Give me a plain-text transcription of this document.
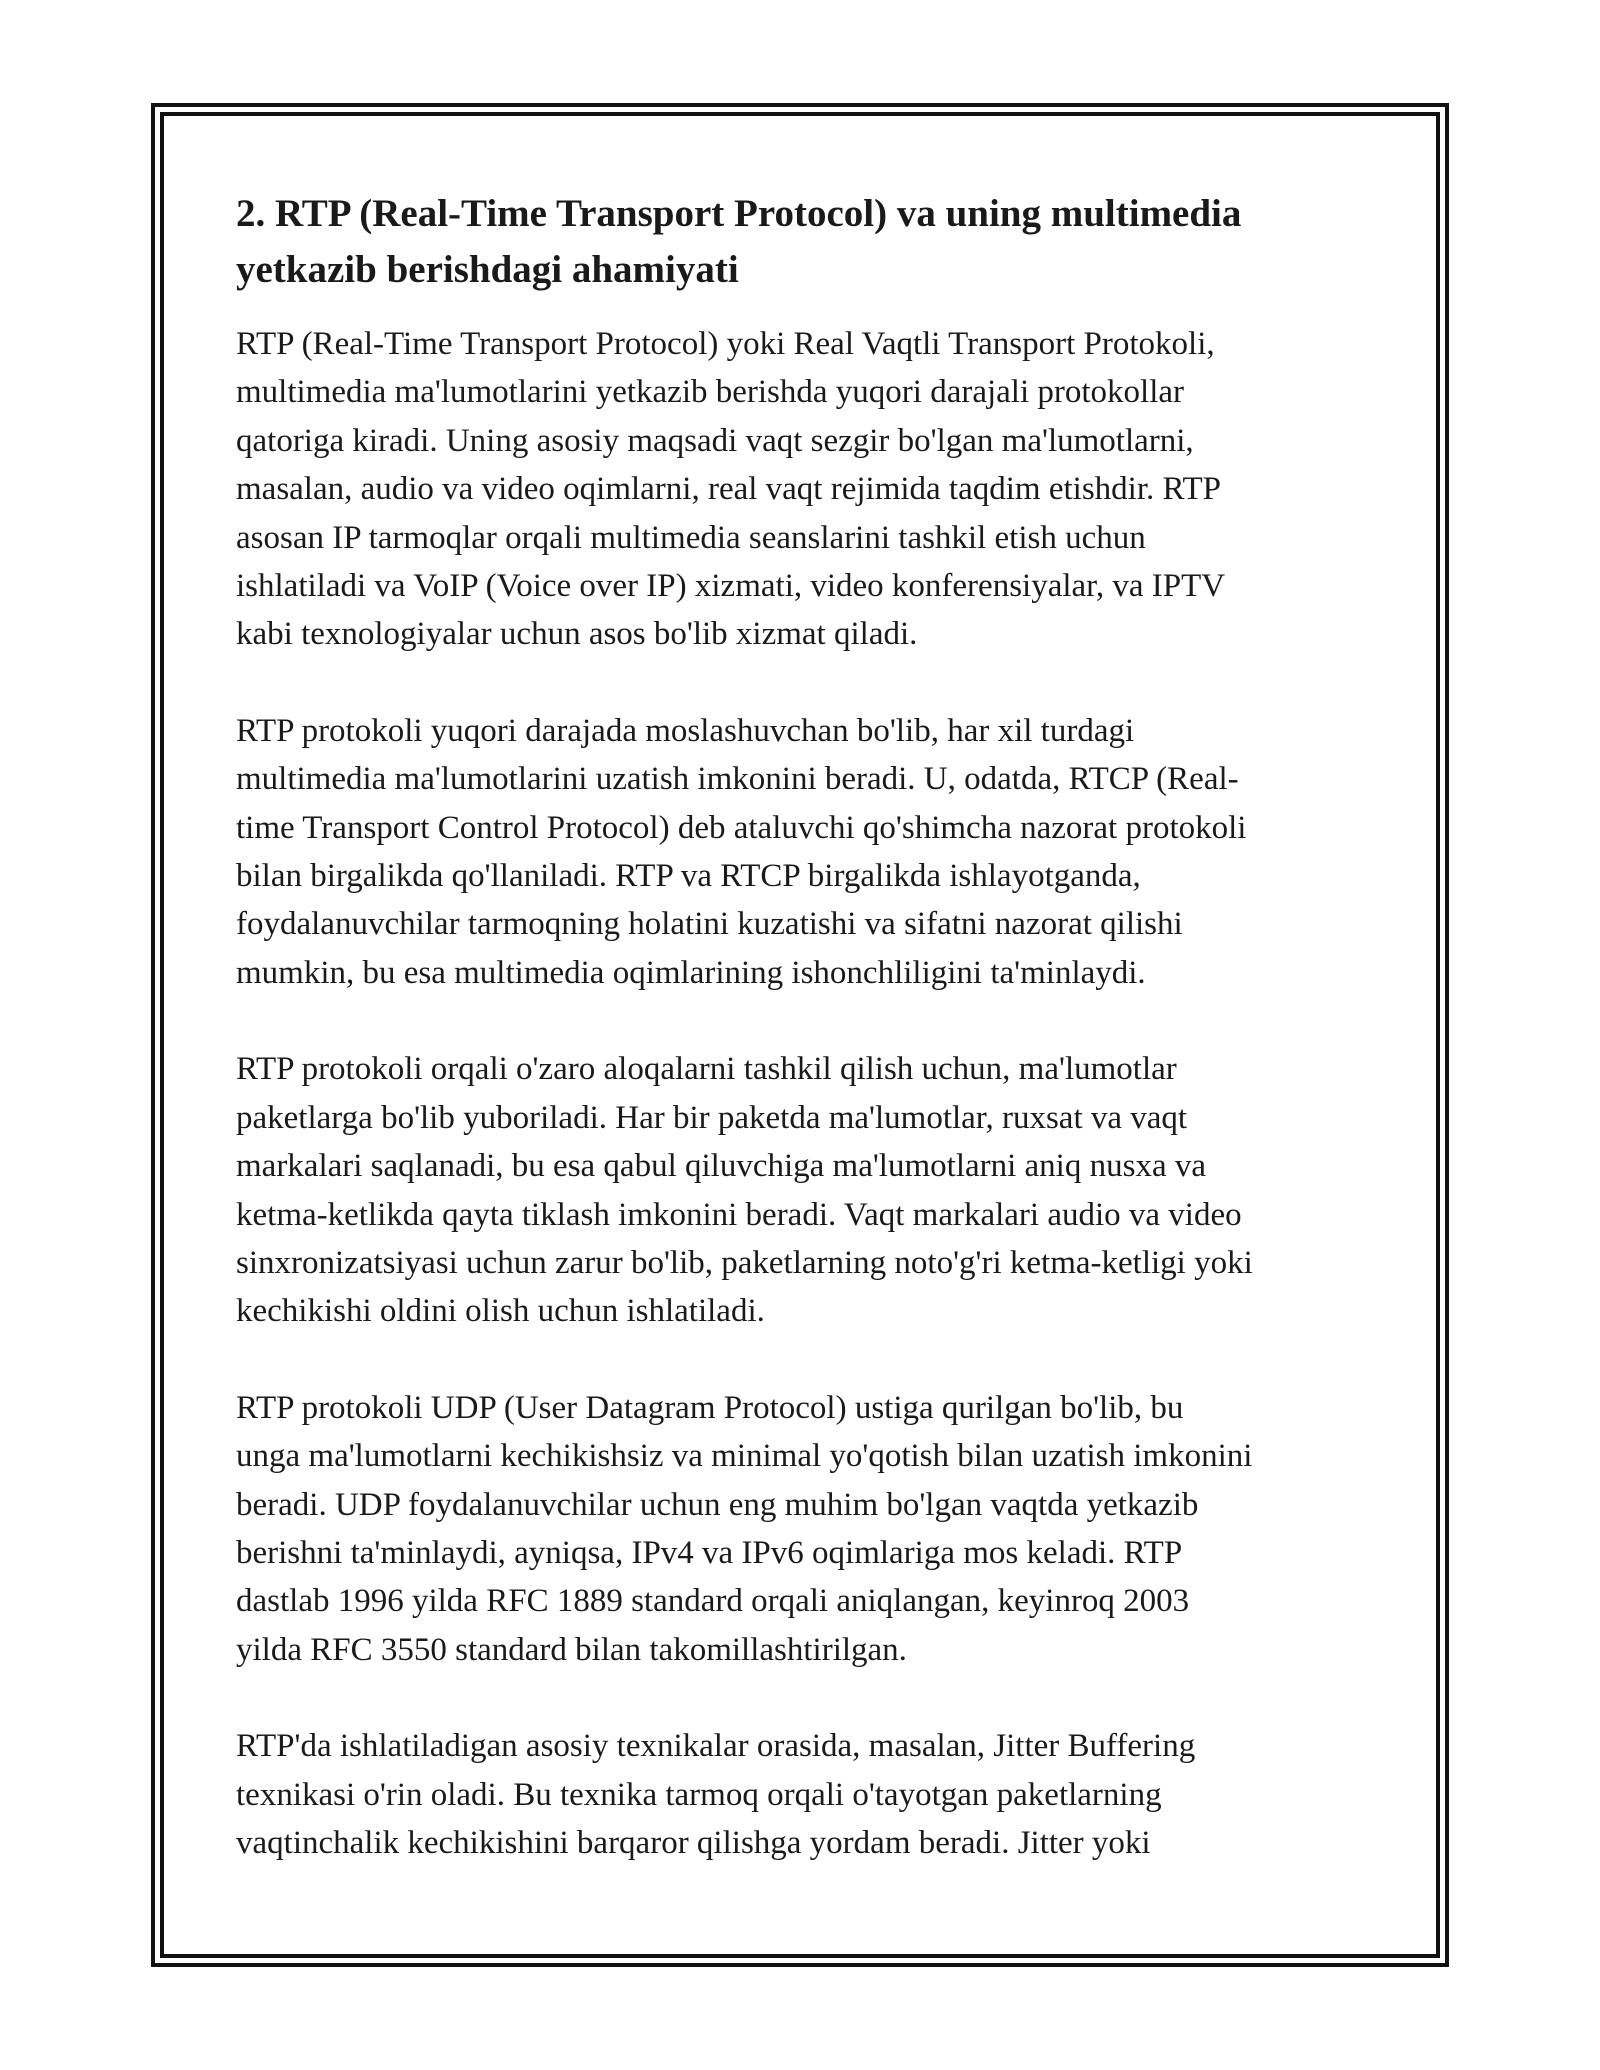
2. RTP (Real-Time Transport Protocol) va uning multimedia
yetkazib berishdagi ahamiyati

RTP (Real-Time Transport Protocol) yoki Real Vaqtli Transport Protokoli,
multimedia ma'lumotlarini yetkazib berishda yuqori darajali protokollar
qatoriga kiradi. Uning asosiy maqsadi vaqt sezgir bo'lgan ma'lumotlarni,
masalan, audio va video oqimlarni, real vaqt rejimida taqdim etishdir. RTP
asosan IP tarmoqlar orqali multimedia seanslarini tashkil etish uchun
ishlatiladi va VoIP (Voice over IP) xizmati, video konferensiyalar, va IPTV
kabi texnologiyalar uchun asos bo'lib xizmat qiladi.

RTP protokoli yuqori darajada moslashuvchan bo'lib, har xil turdagi
multimedia ma'lumotlarini uzatish imkonini beradi. U, odatda, RTCP (Real-
time Transport Control Protocol) deb ataluvchi qo'shimcha nazorat protokoli
bilan birgalikda qo'llaniladi. RTP va RTCP birgalikda ishlayotganda,
foydalanuvchilar tarmoqning holatini kuzatishi va sifatni nazorat qilishi
mumkin, bu esa multimedia oqimlarining ishonchliligini ta'minlaydi.

RTP protokoli orqali o'zaro aloqalarni tashkil qilish uchun, ma'lumotlar
paketlarga bo'lib yuboriladi. Har bir paketda ma'lumotlar, ruxsat va vaqt
markalari saqlanadi, bu esa qabul qiluvchiga ma'lumotlarni aniq nusxa va
ketma-ketlikda qayta tiklash imkonini beradi. Vaqt markalari audio va video
sinxronizatsiyasi uchun zarur bo'lib, paketlarning noto'g'ri ketma-ketligi yoki
kechikishi oldini olish uchun ishlatiladi.

RTP protokoli UDP (User Datagram Protocol) ustiga qurilgan bo'lib, bu
unga ma'lumotlarni kechikishsiz va minimal yo'qotish bilan uzatish imkonini
beradi. UDP foydalanuvchilar uchun eng muhim bo'lgan vaqtda yetkazib
berishni ta'minlaydi, ayniqsa, IPv4 va IPv6 oqimlariga mos keladi. RTP
dastlab 1996 yilda RFC 1889 standard orqali aniqlangan, keyinroq 2003
yilda RFC 3550 standard bilan takomillashtirilgan.

RTP'da ishlatiladigan asosiy texnikalar orasida, masalan, Jitter Buffering
texnikasi o'rin oladi. Bu texnika tarmoq orqali o'tayotgan paketlarning
vaqtinchalik kechikishini barqaror qilishga yordam beradi. Jitter yoki
